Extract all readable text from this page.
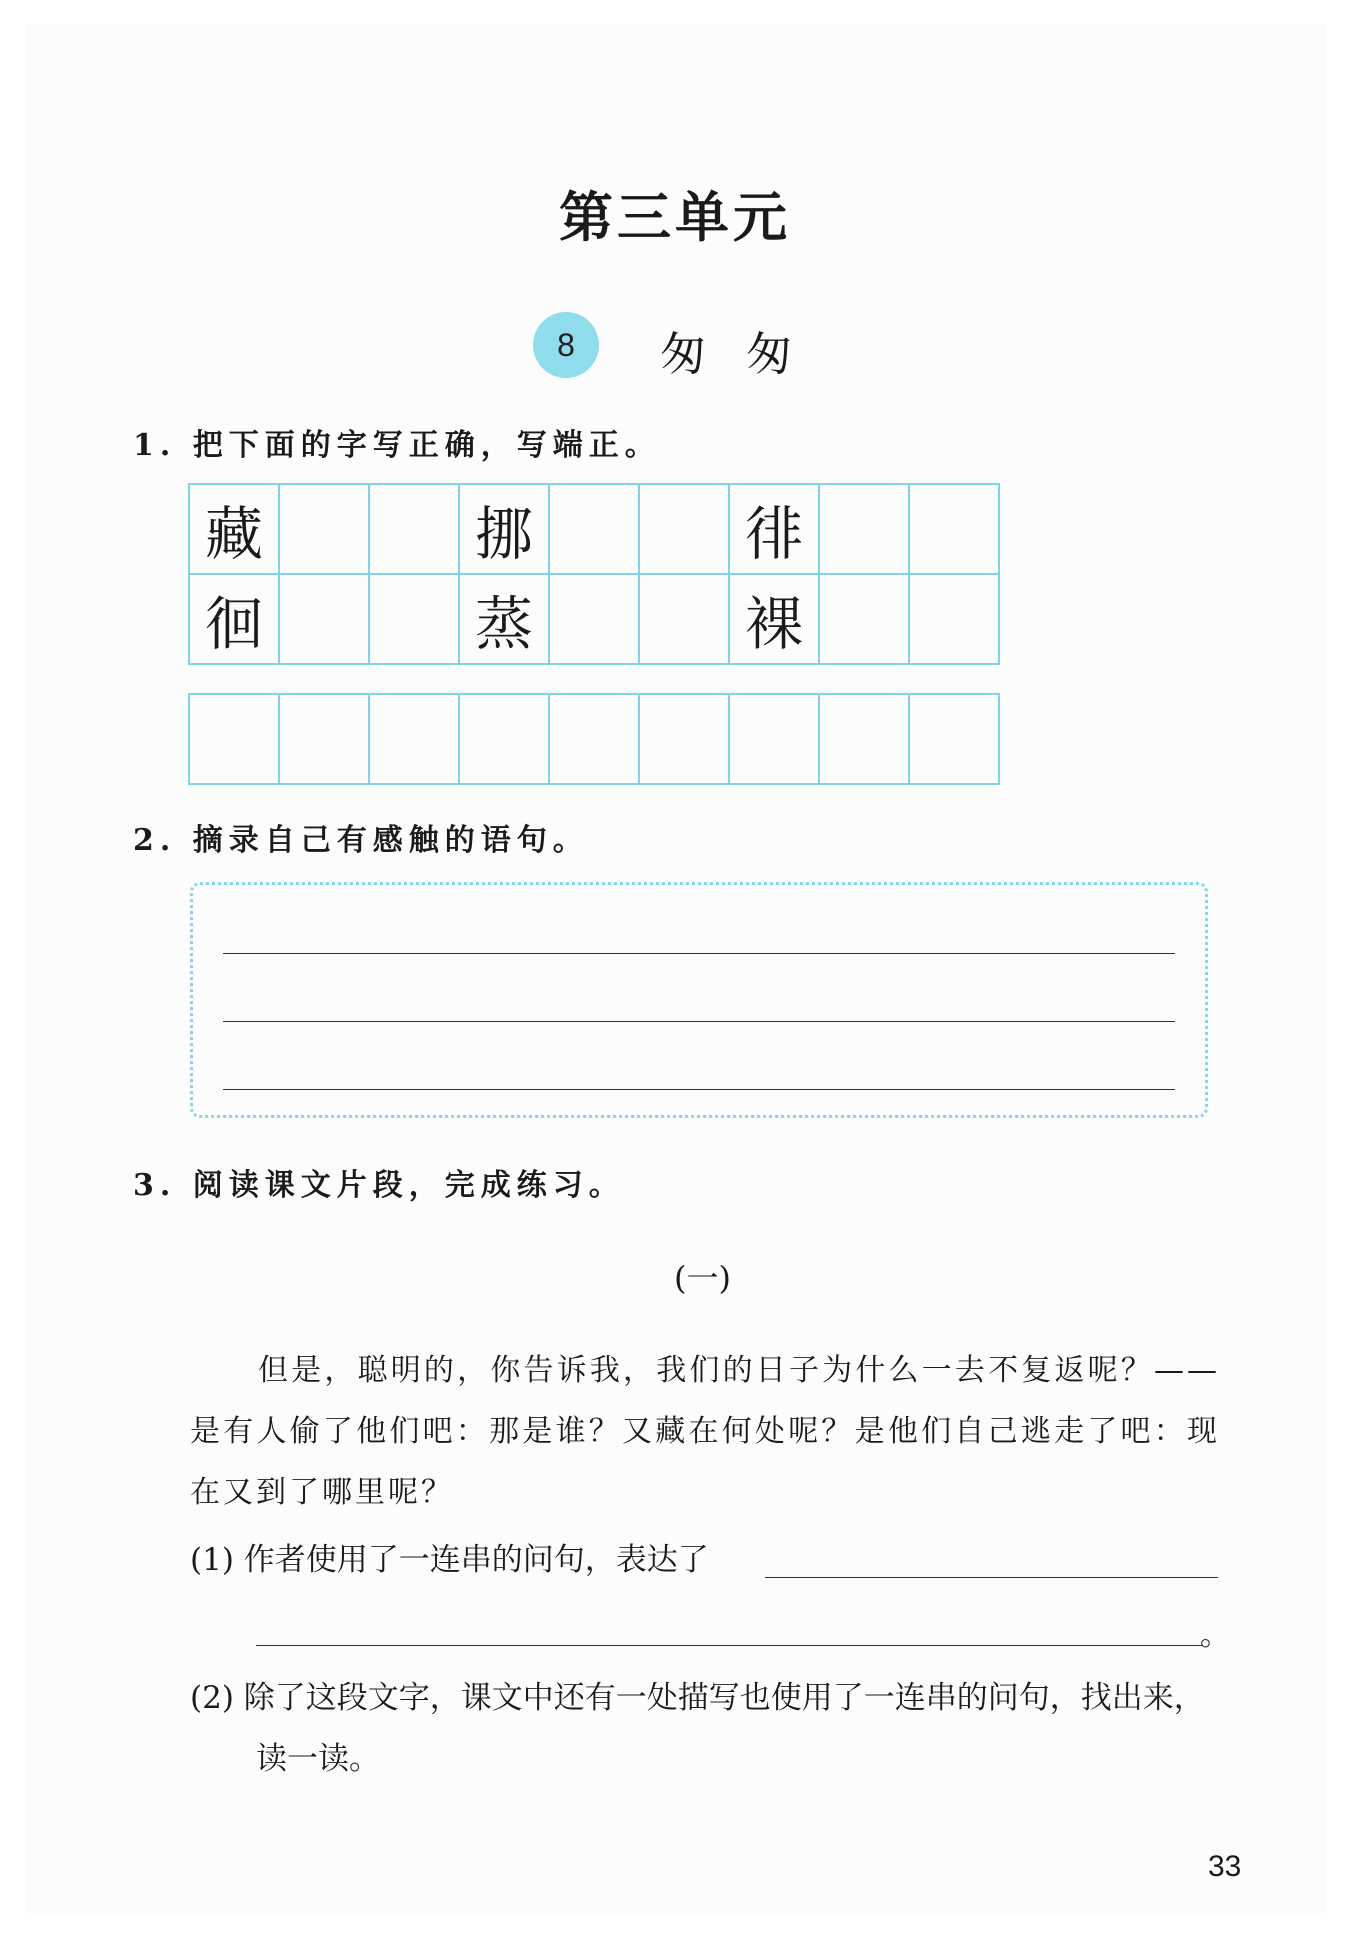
第三单元
8	匆匆
1. 把下面的字写正确，写端正。
藏			挪			徘		
徊			蒸			裸		

2. 摘录自己有感触的语句。
3. 阅读课文片段，完成练习。
(一)

但是，聪明的，你告诉我，我们的日子为什么一去不复返呢？——是有人偷了他们吧：那是谁？又藏在何处呢？是他们自己逃走了吧：现在又到了哪里呢？

(1) 作者使用了一连串的问句，表达了
。
(2) 除了这段文字，课文中还有一处描写也使用了一连串的问句，找出来，读一读。
33
